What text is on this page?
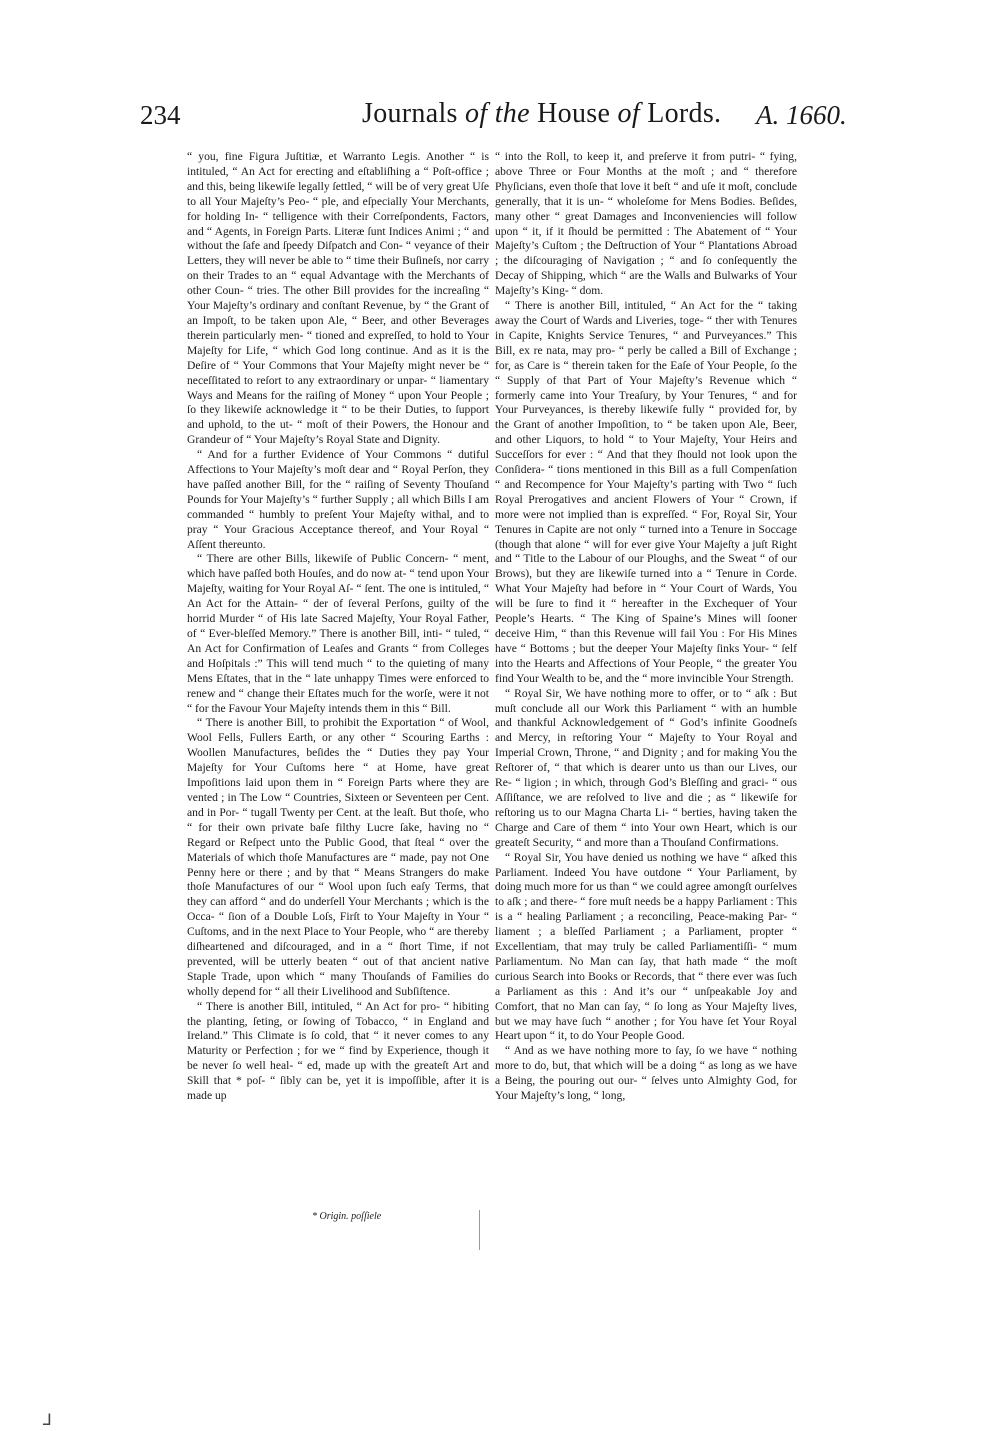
234	Journals of the House of Lords. A. 1660.

“ you, fine Figura Juſtitiæ, et Warranto Legis. Another “ is intituled, “ An Act for erecting and eſtabliſhing a “ Poſt-office ; and this, being likewiſe legally ſettled, “ will be of very great Uſe to all Your Majeſty’s Peo- “ ple, and eſpecially Your Merchants, for holding In- “ telligence with their Correſpondents, Factors, and “ Agents, in Foreign Parts. Literæ ſunt Indices Animi ; “ and without the ſafe and ſpeedy Diſpatch and Con- “ veyance of their Letters, they will never be able to “ time their Buſineſs, nor carry on their Trades to an “ equal Advantage with the Merchants of other Coun- “ tries. The other Bill provides for the increaſing “ Your Majeſty’s ordinary and conſtant Revenue, by “ the Grant of an Impoſt, to be taken upon Ale, “ Beer, and other Beverages therein particularly men- “ tioned and expreſſed, to hold to Your Majeſty for Life, “ which God long continue. And as it is the Deſire of “ Your Commons that Your Majeſty might never be “ neceſſitated to reſort to any extraordinary or unpar- “ liamentary Ways and Means for the raiſing of Money “ upon Your People ; ſo they likewiſe acknowledge it “ to be their Duties, to ſupport and uphold, to the ut- “ moſt of their Powers, the Honour and Grandeur of “ Your Majeſty’s Royal State and Dignity.

“ And for a further Evidence of Your Commons “ dutiful Affections to Your Majeſty’s moſt dear and “ Royal Perſon, they have paſſed another Bill, for the “ raiſing of Seventy Thouſand Pounds for Your Majeſty’s “ further Supply ; all which Bills I am commanded “ humbly to preſent Your Majeſty withal, and to pray “ Your Gracious Acceptance thereof, and Your Royal “ Aſſent thereunto.

“ There are other Bills, likewiſe of Public Concern- “ ment, which have paſſed both Houſes, and do now at- “ tend upon Your Majeſty, waiting for Your Royal Aſ- “ ſent. The one is intituled, “ An Act for the Attain- “ der of ſeveral Perſons, guilty of the horrid Murder “ of His late Sacred Majeſty, Your Royal Father, of “ Ever-bleſſed Memory.” There is another Bill, inti- “ tuled, “ An Act for Confirmation of Leaſes and Grants “ from Colleges and Hoſpitals :” This will tend much “ to the quieting of many Mens Eſtates, that in the “ late unhappy Times were enforced to renew and “ change their Eſtates much for the worſe, were it not “ for the Favour Your Majeſty intends them in this “ Bill.

“ There is another Bill, to prohibit the Exportation “ of Wool, Wool Fells, Fullers Earth, or any other “ Scouring Earths : Woollen Manufactures, beſides the “ Duties they pay Your Majeſty for Your Cuſtoms here “ at Home, have great Impoſitions laid upon them in “ Foreign Parts where they are vented ; in The Low “ Countries, Sixteen or Seventeen per Cent. and in Por- “ tugall Twenty per Cent. at the leaſt. But thoſe, who “ for their own private baſe filthy Lucre ſake, having no “ Regard or Reſpect unto the Public Good, that ſteal “ over the Materials of which thoſe Manufactures are “ made, pay not One Penny here or there ; and by that “ Means Strangers do make thoſe Manufactures of our “ Wool upon ſuch eaſy Terms, that they can afford “ and do underſell Your Merchants ; which is the Occa- “ ſion of a Double Loſs, Firſt to Your Majeſty in Your “ Cuſtoms, and in the next Place to Your People, who “ are thereby diſheartened and diſcouraged, and in a “ ſhort Time, if not prevented, will be utterly beaten “ out of that ancient native Staple Trade, upon which “ many Thouſands of Families do wholly depend for “ all their Livelihood and Subſiſtence.

“ There is another Bill, intituled, “ An Act for pro- “ hibiting the planting, ſeting, or ſowing of Tobacco, “ in England and Ireland.” This Climate is ſo cold, that “ it never comes to any Maturity or Perfection ; for we “ find by Experience, though it be never ſo well heal- “ ed, made up with the greateſt Art and Skill that * poſ- “ ſibly can be, yet it is impoſſible, after it is made up

“ into the Roll, to keep it, and preſerve it from putri- “ fying, above Three or Four Months at the moſt ; and “ therefore Phyſicians, even thoſe that love it beſt “ and uſe it moſt, conclude generally, that it is un- “ wholeſome for Mens Bodies. Beſides, many other “ great Damages and Inconveniencies will follow upon “ it, if it ſhould be permitted : The Abatement of “ Your Majeſty’s Cuſtom ; the Deſtruction of Your “ Plantations Abroad ; the diſcouraging of Navigation ; “ and ſo conſequently the Decay of Shipping, which “ are the Walls and Bulwarks of Your Majeſty’s King- “ dom.

“ There is another Bill, intituled, “ An Act for the “ taking away the Court of Wards and Liveries, toge- “ ther with Tenures in Capite, Knights Service Tenures, “ and Purveyances.” This Bill, ex re nata, may pro- “ perly be called a Bill of Exchange ; for, as Care is “ therein taken for the Eaſe of Your People, ſo the “ Supply of that Part of Your Majeſty’s Revenue which “ formerly came into Your Treaſury, by Your Tenures, “ and for Your Purveyances, is thereby likewiſe fully “ provided for, by the Grant of another Impoſition, to “ be taken upon Ale, Beer, and other Liquors, to hold “ to Your Majeſty, Your Heirs and Succeſſors for ever : “ And that they ſhould not look upon the Conſidera- “ tions mentioned in this Bill as a full Compenſation “ and Recompence for Your Majeſty’s parting with Two “ ſuch Royal Prerogatives and ancient Flowers of Your “ Crown, if more were not implied than is expreſſed. “ For, Royal Sir, Your Tenures in Capite are not only “ turned into a Tenure in Soccage (though that alone “ will for ever give Your Majeſty a juſt Right and “ Title to the Labour of our Ploughs, and the Sweat “ of our Brows), but they are likewiſe turned into a “ Tenure in Corde. What Your Majeſty had before in “ Your Court of Wards, You will be ſure to find it “ hereafter in the Exchequer of Your People’s Hearts. “ The King of Spaine’s Mines will ſooner deceive Him, “ than this Revenue will fail You : For His Mines have “ Bottoms ; but the deeper Your Majeſty ſinks Your- “ ſelf into the Hearts and Affections of Your People, “ the greater You find Your Wealth to be, and the “ more invincible Your Strength.

“ Royal Sir, We have nothing more to offer, or to “ aſk : But muſt conclude all our Work this Parliament “ with an humble and thankful Acknowledgement of “ God’s infinite Goodneſs and Mercy, in reſtoring Your “ Majeſty to Your Royal and Imperial Crown, Throne, “ and Dignity ; and for making You the Reſtorer of, “ that which is dearer unto us than our Lives, our Re- “ ligion ; in which, through God’s Bleſſing and graci- “ ous Aſſiſtance, we are reſolved to live and die ; as “ likewiſe for reſtoring us to our Magna Charta Li- “ berties, having taken the Charge and Care of them “ into Your own Heart, which is our greateſt Security, “ and more than a Thouſand Confirmations.

“ Royal Sir, You have denied us nothing we have “ aſked this Parliament. Indeed You have outdone “ Your Parliament, by doing much more for us than “ we could agree amongſt ourſelves to aſk ; and there- “ fore muſt needs be a happy Parliament : This is a “ healing Parliament ; a reconciling, Peace-making Par- “ liament ; a bleſſed Parliament ; a Parliament, propter “ Excellentiam, that may truly be called Parliamentiſſi- “ mum Parliamentum. No Man can ſay, that hath made “ the moſt curious Search into Books or Records, that “ there ever was ſuch a Parliament as this : And it’s our “ unſpeakable Joy and Comfort, that no Man can ſay, “ ſo long as Your Majeſty lives, but we may have ſuch “ another ; for You have ſet Your Royal Heart upon “ it, to do Your People Good.

“ And as we have nothing more to ſay, ſo we have “ nothing more to do, but, that which will be a doing “ as long as we have a Being, the pouring out our- “ ſelves unto Almighty God, for Your Majeſty’s long, “ long,

* Origin. poſſiele
ᒧ
